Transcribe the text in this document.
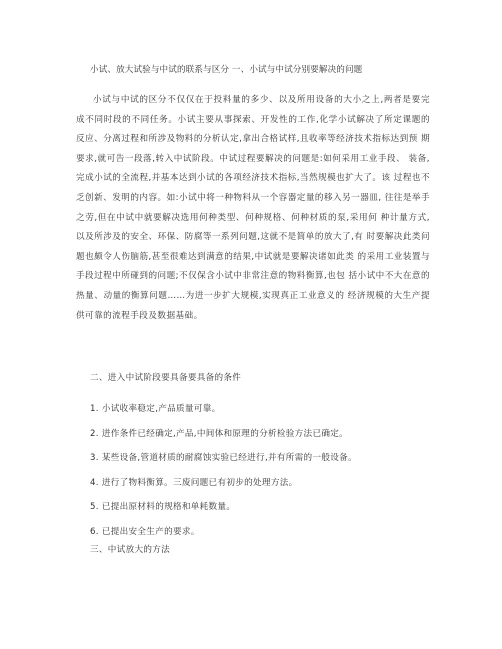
小试、放大试验与中试的联系与区分 一、小试与中试分别要解决的问题
小试与中试的区分不仅仅在于投料量的多少、以及所用设备的大小之上,两者是要完 成不同时段的不同任务。小试主要从事探索、开发性的工作,化学小试解决了所定课题的 反应、分离过程和所涉及物料的分析认定,拿出合格试样,且收率等经济技术指标达到预 期要求,就可告一段落,转入中试阶段。中试过程要解决的问题是:如何采用工业手段、 装备,完成小试的全流程,并基本达到小试的各项经济技术指标,当然规模也扩大了。该 过程也不乏创新、发明的内容。如:小试中将一种物料从一个容器定量的移入另一器皿, 往往是举手之劳,但在中试中就要解决选用何种类型、何种规格、何种材质的泵,采用何 种计量方式,以及所涉及的安全、环保、防腐等一系列问题,这就不是简单的放大了,有 时要解决此类问题也颇令人伤脑筋,甚至很难达到满意的结果,中试就是要解决诸如此类 的采用工业装置与手段过程中所碰到的问题;不仅保含小试中非常注意的物料衡算,也包 括小试中不大在意的热量、动量的衡算问题……为进一步扩大规模,实现真正工业意义的 经济规模的大生产提供可靠的流程手段及数据基础。
二、进入中试阶段要具备要具备的条件
1. 小试收率稳定,产品质量可靠。
2. 进作条件已经确定,产品,中间体和原理的分析检验方法已确定。
3. 某些设备,管道材质的耐腐蚀实验已经进行,并有所需的一般设备。
4. 进行了物料衡算。三废问题已有初步的处理方法。
5. 已提出原材料的规格和单耗数量。
6. 已提出安全生产的要求。
三、中试放大的方法
